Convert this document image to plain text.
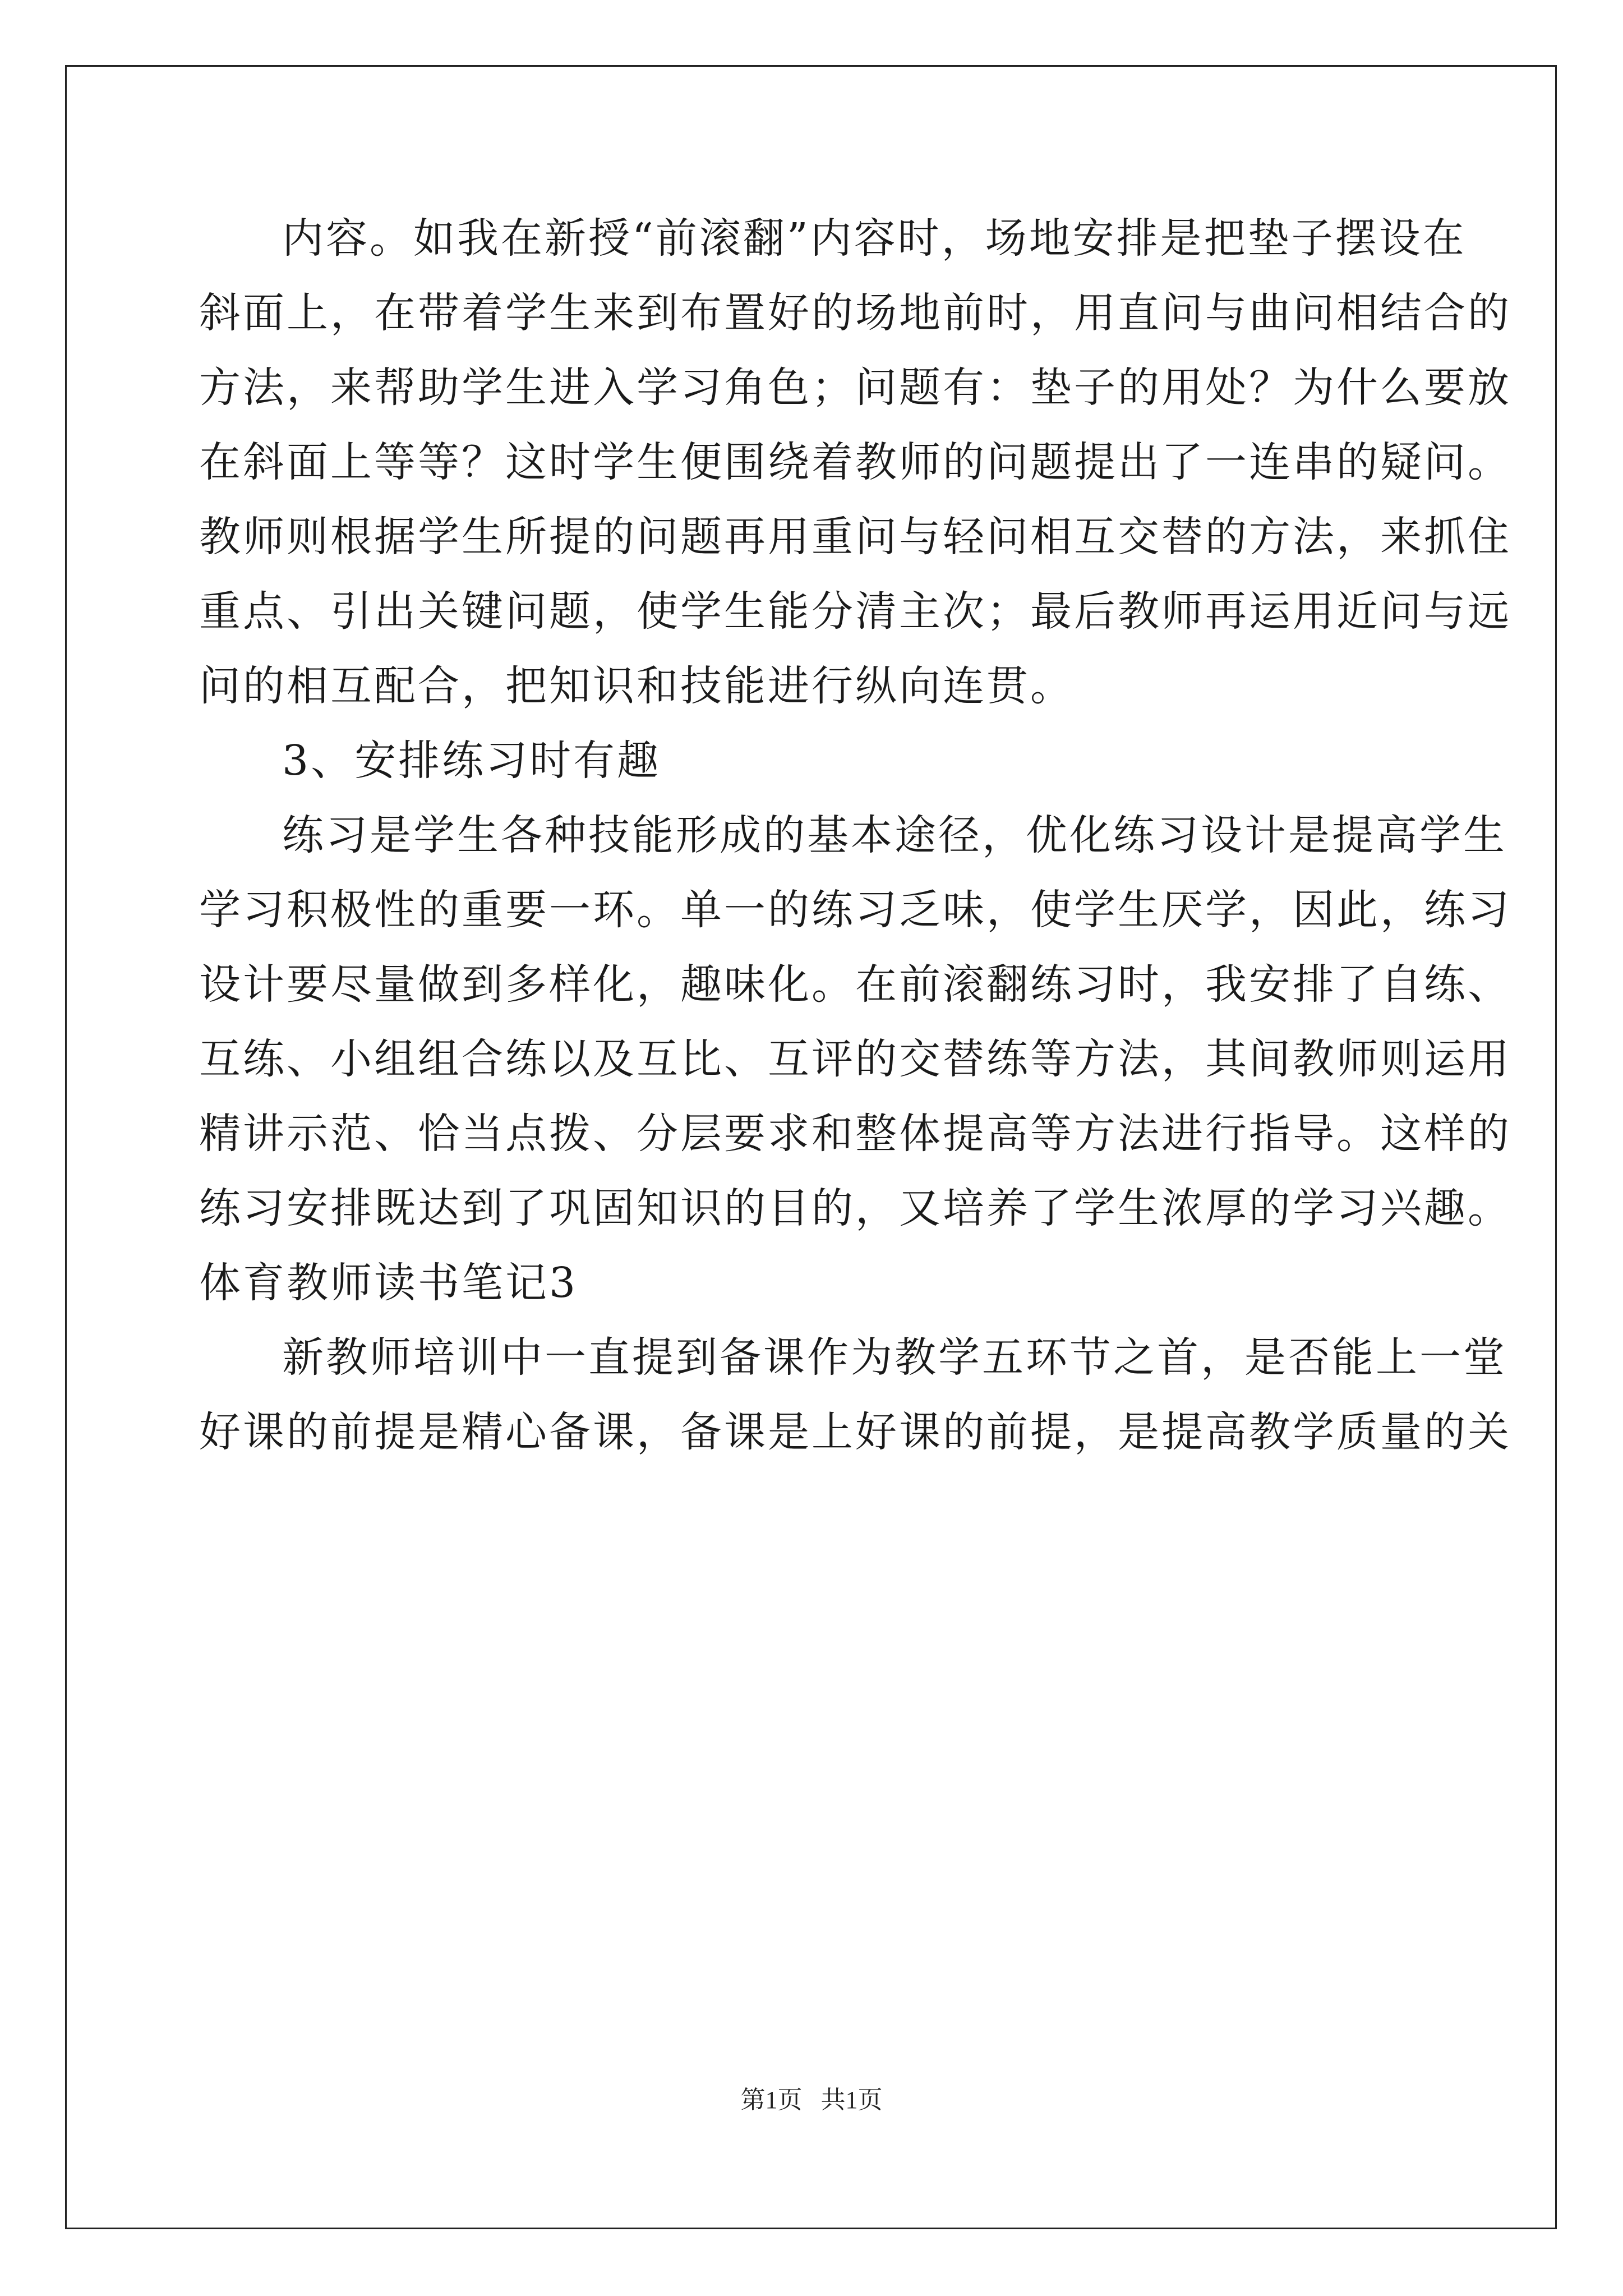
内容。如我在新授“前滚翻”内容时，场地安排是把垫子摆设在
斜面上，在带着学生来到布置好的场地前时，用直问与曲问相结合的
方法，来帮助学生进入学习角色；问题有：垫子的用处？为什么要放
在斜面上等等？这时学生便围绕着教师的问题提出了一连串的疑问。
教师则根据学生所提的问题再用重问与轻问相互交替的方法，来抓住
重点、引出关键问题，使学生能分清主次；最后教师再运用近问与远
问的相互配合，把知识和技能进行纵向连贯。
3、安排练习时有趣
练习是学生各种技能形成的基本途径，优化练习设计是提高学生
学习积极性的重要一环。单一的练习乏味，使学生厌学，因此，练习
设计要尽量做到多样化，趣味化。在前滚翻练习时，我安排了自练、
互练、小组组合练以及互比、互评的交替练等方法，其间教师则运用
精讲示范、恰当点拨、分层要求和整体提高等方法进行指导。这样的
练习安排既达到了巩固知识的目的，又培养了学生浓厚的学习兴趣。
体育教师读书笔记3
新教师培训中一直提到备课作为教学五环节之首，是否能上一堂
好课的前提是精心备课，备课是上好课的前提，是提高教学质量的关
第1页   共1页
